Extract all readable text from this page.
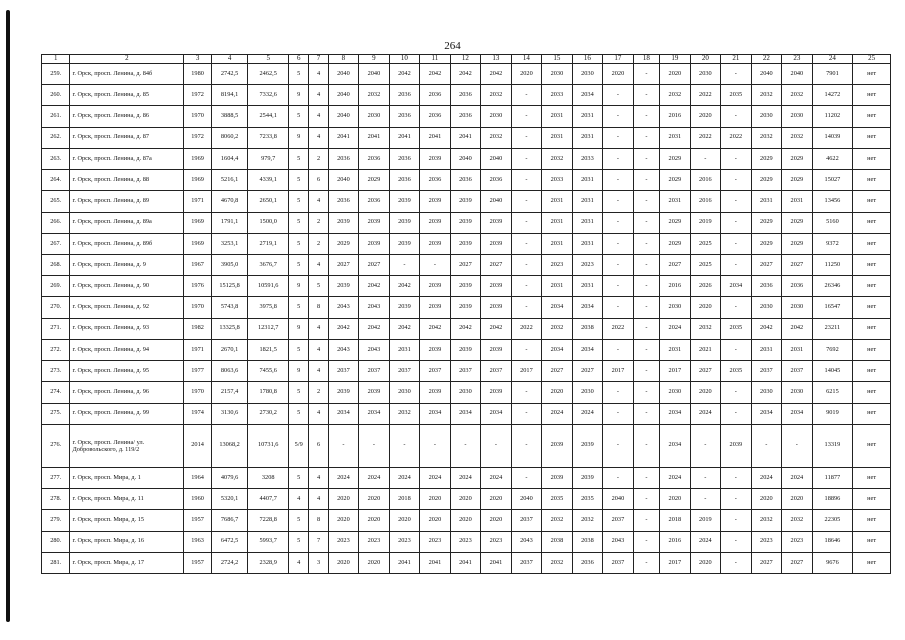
264
1	2	3	4	5	6	7	8	9	10	11	12	13	14	15	16	17	18	19	20	21	22	23	24	25
259.	г. Орск, просп. Ленина, д. 84б	1980	2742,5	2462,5	5	4	2040	2040	2042	2042	2042	2042	2020	2030	2030	2020	-	2020	2030	-	2040	2040	7901	нет
260.	г. Орск, просп. Ленина, д. 85	1972	8194,1	7332,6	9	4	2040	2032	2036	2036	2036	2032	-	2033	2034	-	-	2032	2022	2035	2032	2032	14272	нет
261.	г. Орск, просп. Ленина, д. 86	1970	3888,5	2544,1	5	4	2040	2030	2036	2036	2036	2030	-	2031	2031	-	-	2016	2020	-	2030	2030	11202	нет
262.	г. Орск, просп. Ленина, д. 87	1972	8060,2	7233,8	9	4	2041	2041	2041	2041	2041	2032	-	2031	2031	-	-	2031	2022	2022	2032	2032	14039	нет
263.	г. Орск, просп. Ленина, д. 87а	1969	1604,4	979,7	5	2	2036	2036	2036	2039	2040	2040	-	2032	2033	-	-	2029	-	-	2029	2029	4622	нет
264.	г. Орск, просп. Ленина, д. 88	1969	5216,1	4339,1	5	6	2040	2029	2036	2036	2036	2036	-	2033	2031	-	-	2029	2016	-	2029	2029	15027	нет
265.	г. Орск, просп. Ленина, д. 89	1971	4670,8	2650,1	5	4	2036	2036	2039	2039	2039	2040	-	2031	2031	-	-	2031	2016	-	2031	2031	13456	нет
266.	г. Орск, просп. Ленина, д. 89а	1969	1791,1	1500,0	5	2	2039	2039	2039	2039	2039	2039	-	2031	2031	-	-	2029	2019	-	2029	2029	5160	нет
267.	г. Орск, просп. Ленина, д. 89б	1969	3253,1	2719,1	5	2	2029	2039	2039	2039	2039	2039	-	2031	2031	-	-	2029	2025	-	2029	2029	9372	нет
268.	г. Орск, просп. Ленина, д. 9	1967	3905,0	3676,7	5	4	2027	2027	-	-	2027	2027	-	2023	2023	-	-	2027	2025	-	2027	2027	11250	нет
269.	г. Орск, просп. Ленина, д. 90	1976	15125,8	10591,6	9	5	2039	2042	2042	2039	2039	2039	-	2031	2031	-	-	2016	2026	2034	2036	2036	26346	нет
270.	г. Орск, просп. Ленина, д. 92	1970	5743,8	3975,8	5	8	2043	2043	2039	2039	2039	2039	-	2034	2034	-	-	2030	2020	-	2030	2030	16547	нет
271.	г. Орск, просп. Ленина, д. 93	1982	13325,8	12312,7	9	4	2042	2042	2042	2042	2042	2042	2022	2032	2038	2022	-	2024	2032	2035	2042	2042	23211	нет
272.	г. Орск, просп. Ленина, д. 94	1971	2670,1	1821,5	5	4	2043	2043	2031	2039	2039	2039	-	2034	2034	-	-	2031	2021	-	2031	2031	7692	нет
273.	г. Орск, просп. Ленина, д. 95	1977	8063,6	7455,6	9	4	2037	2037	2037	2037	2037	2037	2017	2027	2027	2017	-	2017	2027	2035	2037	2037	14045	нет
274.	г. Орск, просп. Ленина, д. 96	1970	2157,4	1780,8	5	2	2039	2039	2030	2039	2030	2039	-	2020	2030	-	-	2030	2020	-	2030	2030	6215	нет
275.	г. Орск, просп. Ленина, д. 99	1974	3130,6	2730,2	5	4	2034	2034	2032	2034	2034	2034	-	2024	2024	-	-	2034	2024	-	2034	2034	9019	нет
276.	г. Орск, просп. Ленина/ ул. Добровольского, д. 119/2	2014	13068,2	10731,6	5/9	6	-	-	-	-	-	-	-	2039	2039	-	-	2034	-	2039	-	-	13319	нет
277.	г. Орск, просп. Мира, д. 1	1964	4079,6	3208	5	4	2024	2024	2024	2024	2024	2024	-	2039	2039	-	-	2024	-	-	2024	2024	11877	нет
278.	г. Орск, просп. Мира, д. 11	1960	5320,1	4407,7	4	4	2020	2020	2018	2020	2020	2020	2040	2035	2035	2040	-	2020	-	-	2020	2020	18896	нет
279.	г. Орск, просп. Мира, д. 15	1957	7686,7	7228,8	5	8	2020	2020	2020	2020	2020	2020	2037	2032	2032	2037	-	2018	2019	-	2032	2032	22305	нет
280.	г. Орск, просп. Мира, д. 16	1963	6472,5	5993,7	5	7	2023	2023	2023	2023	2023	2023	2043	2038	2038	2043	-	2016	2024	-	2023	2023	18646	нет
281.	г. Орск, просп. Мира, д. 17	1957	2724,2	2328,9	4	3	2020	2020	2041	2041	2041	2041	2037	2032	2036	2037	-	2017	2020	-	2027	2027	9676	нет
